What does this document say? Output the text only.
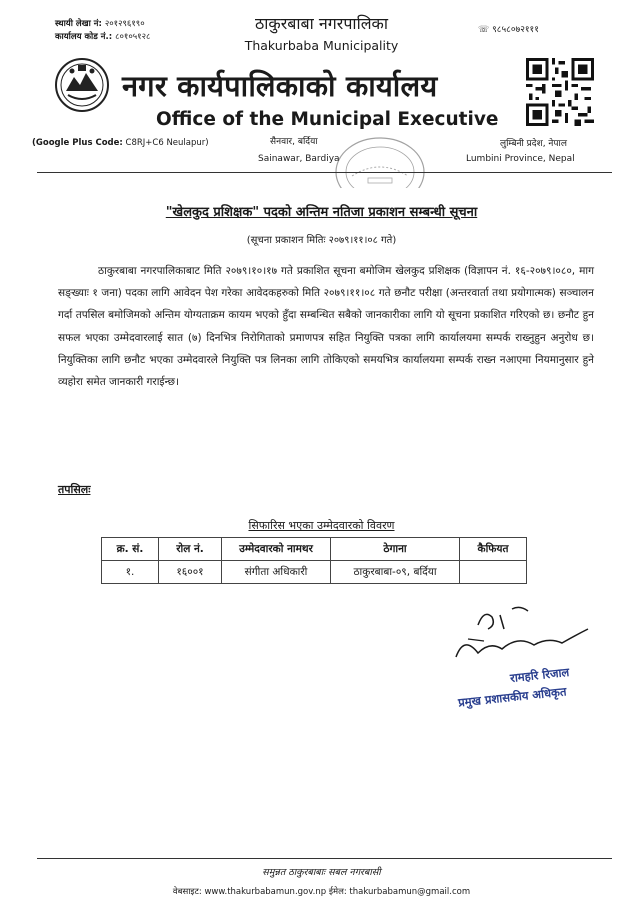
स्थायी लेखा नं: २०१२९६१९०
कार्यालय कोड नं.: ८०१०५१२८
ठाकुरबाबा नगरपालिका
Thakurbaba Municipality
☏ ९८५८०७२१११
नगर कार्यपालिकाको कार्यालय
Office of the Municipal Executive
(Google Plus Code: C8RJ+C6 Neulapur)	सैनवार, बर्दिया
Sainawar, Bardiya
लुम्बिनी प्रदेश, नेपाल
Lumbini Province, Nepal
"खेलकुद प्रशिक्षक" पदको अन्तिम नतिजा प्रकाशन सम्बन्धी सूचना
(सूचना प्रकाशन मितिः २०७९।११।०८ गते)
ठाकुरबाबा नगरपालिकाबाट मिति २०७९।१०।१७ गते प्रकाशित सूचना बमोजिम खेलकुद प्रशिक्षक (विज्ञापन नं. १६-२०७९।०८०, माग सङ्ख्याः १ जना) पदका लागि आवेदन पेश गरेका आवेदकहरुको मिति २०७९।११।०८ गते छनौट परीक्षा (अन्तरवार्ता तथा प्रयोगात्मक) सञ्चालन गर्दा तपसिल बमोजिमको अन्तिम योग्यताक्रम कायम भएको हुँदा सम्बन्धित सबैको जानकारीका लागि यो सूचना प्रकाशित गरिएको छ। छनौट हुन सफल भएका उम्मेदवारलाई सात (७) दिनभित्र निरोगिताको प्रमाणपत्र सहित नियुक्ति पत्रका लागि कार्यालयमा सम्पर्क राख्नुहुन अनुरोध छ। नियुक्तिका लागि छनौट भएका उम्मेदवारले नियुक्ति पत्र लिनका लागि तोकिएको समयभित्र कार्यालयमा सम्पर्क राख्न नआएमा नियमानुसार हुने व्यहोरा समेत जानकारी गराईन्छ।
तपसिलः
सिफारिस भएका उम्मेदवारको विवरण
क्र. सं.	रोल नं.	उम्मेदवारको नामथर	ठेगाना	कैफियत
१.	१६००१	संगीता अधिकारी	ठाकुरबाबा-०९, बर्दिया	
रामहरि रिजाल
प्रमुख प्रशासकीय अधिकृत
समुन्नत ठाकुरबाबाः सबल नगरबासी
वेबसाइट: www.thakurbabamun.gov.np ईमेल: thakurbabamun@gmail.com
